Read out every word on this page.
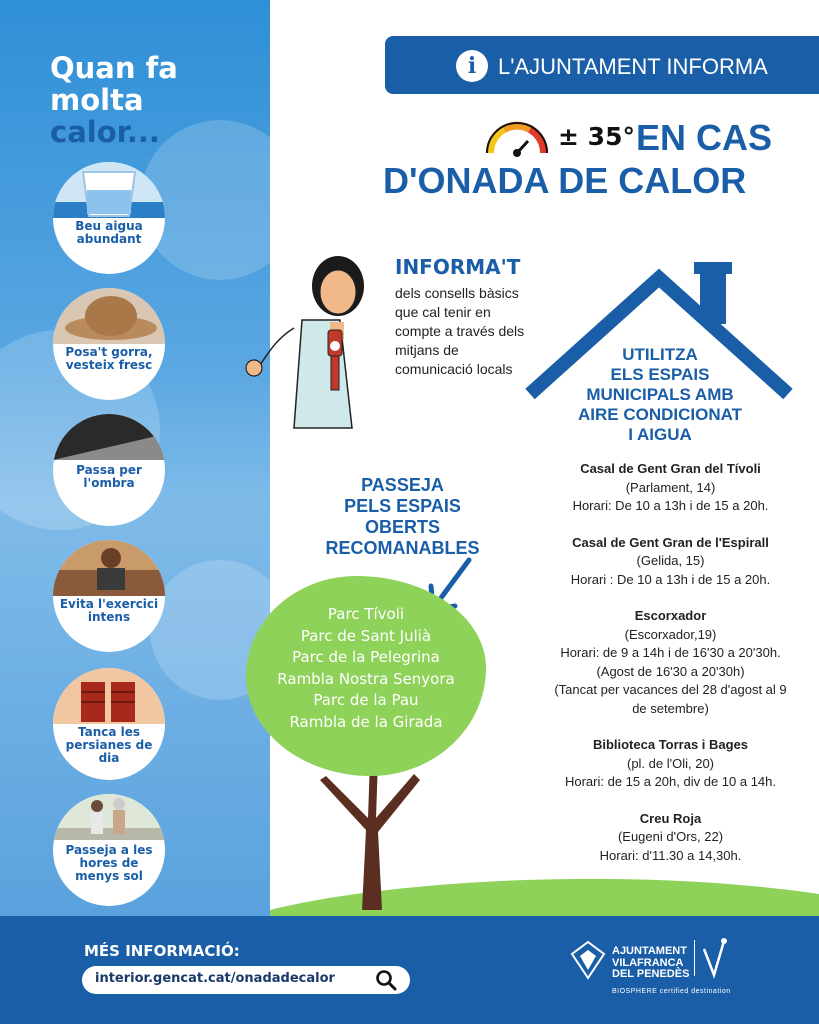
Quan fa
molta
calor...
Beu aigua abundant
Posa't gorra, vesteix fresc
Passa per l'ombra
Evita l'exercici intens
Tanca les persianes de dia
Passeja a les hores de menys sol
i L'AJUNTAMENT INFORMA
± 35° EN CAS
D'ONADA DE CALOR
INFORMA'T
dels consells bàsics que cal tenir en compte a través dels mitjans de comunicació locals
UTILITZA
ELS ESPAIS
MUNICIPALS AMB
AIRE CONDICIONAT
I AIGUA
Casal de Gent Gran del Tívoli
(Parlament, 14)
Horari: De 10 a 13h i de 15 a 20h.
Casal de Gent Gran de l'Espirall
(Gelida, 15)
Horari : De 10 a 13h i de 15 a 20h.
Escorxador
(Escorxador,19)
Horari: de 9 a 14h i de 16'30 a 20'30h.
(Agost de 16'30 a 20'30h)
(Tancat per vacances del 28 d'agost al 9 de setembre)
Biblioteca Torras i Bages
(pl. de l'Oli, 20)
Horari: de 15 a 20h, div de 10 a 14h.
Creu Roja
(Eugeni d'Ors, 22)
Horari: d'11.30 a 14,30h.
PASSEJA
PELS ESPAIS
OBERTS
RECOMANABLES
Parc Tívoli
Parc de Sant Julià
Parc de la Pelegrina
Rambla Nostra Senyora
Parc de la Pau
Rambla de la Girada
MÉS INFORMACIÓ:
interior.gencat.cat/onadadecalor
AJUNTAMENT
VILAFRANCA
DEL PENEDÈS
BIOSPHERE certified destination
